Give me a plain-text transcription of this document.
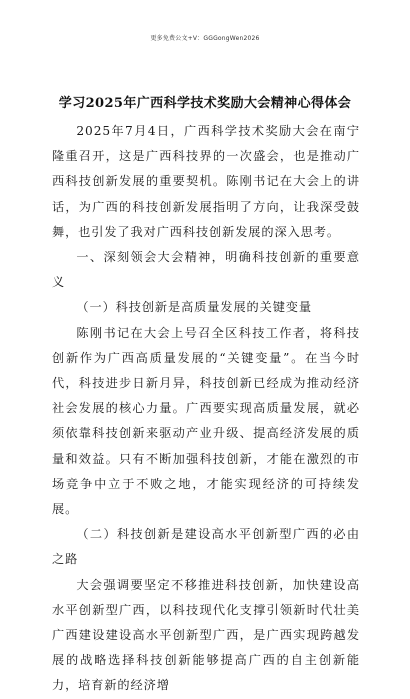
更多免费公文+V：GGGongWen2026
学习2025年广西科学技术奖励大会精神心得体会

2025年7月4日，广西科学技术奖励大会在南宁隆重召开，这是广西科技界的一次盛会，也是推动广西科技创新发展的重要契机。陈刚书记在大会上的讲话，为广西的科技创新发展指明了方向，让我深受鼓舞，也引发了我对广西科技创新发展的深入思考。

一、深刻领会大会精神，明确科技创新的重要意义

（一）科技创新是高质量发展的关键变量

陈刚书记在大会上号召全区科技工作者，将科技创新作为广西高质量发展的“关键变量”。在当今时代，科技进步日新月异，科技创新已经成为推动经济社会发展的核心力量。广西要实现高质量发展，就必须依靠科技创新来驱动产业升级、提高经济发展的质量和效益。只有不断加强科技创新，才能在激烈的市场竞争中立于不败之地，才能实现经济的可持续发展。

（二）科技创新是建设高水平创新型广西的必由之路

大会强调要坚定不移推进科技创新，加快建设高水平创新型广西，以科技现代化支撑引领新时代壮美广西建设建设高水平创新型广西，是广西实现跨越发展的战略选择科技创新能够提高广西的自主创新能力，培育新的经济增
